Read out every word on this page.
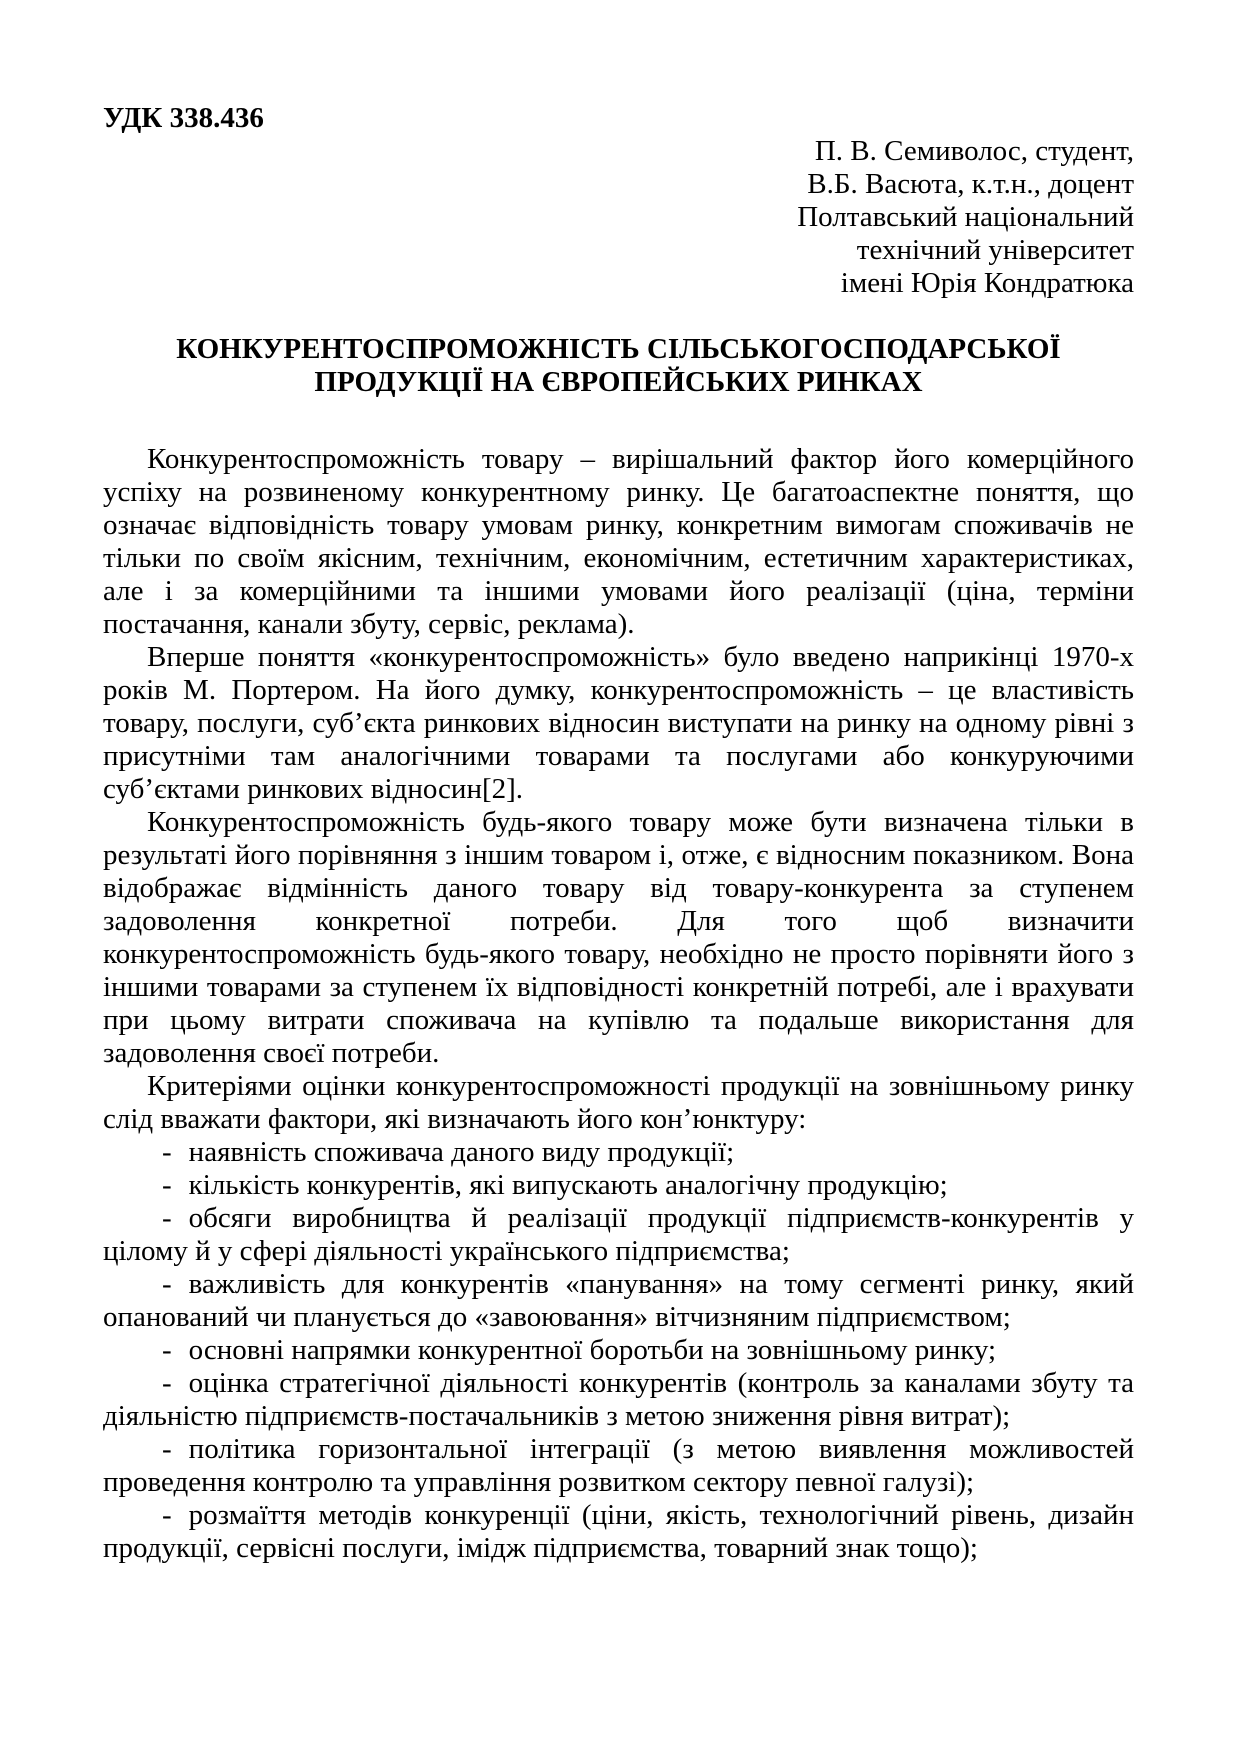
УДК 338.436
П. В. Семиволос, студент,
В.Б. Васюта, к.т.н., доцент
Полтавський національний
технічний університет
імені Юрія Кондратюка
КОНКУРЕНТОСПРОМОЖНІСТЬ СІЛЬСЬКОГОСПОДАРСЬКОЇ
ПРОДУКЦІЇ НА ЄВРОПЕЙСЬКИХ РИНКАХ

Конкурентоспроможність товару – вирішальний фактор його комерційного успіху на розвиненому конкурентному ринку. Це багатоаспектне поняття, що означає відповідність товару умовам ринку, конкретним вимогам споживачів не тільки по своїм якісним, технічним, економічним, естетичним характеристиках, але і за комерційними та іншими умовами його реалізації (ціна, терміни постачання, канали збуту, сервіс, реклама).

Вперше поняття «конкурентоспроможність» було введено наприкінці 1970-х років М. Портером. На його думку, конкурентоспроможність – це властивість товару, послуги, суб’єкта ринкових відносин виступати на ринку на одному рівні з присутніми там аналогічними товарами та послугами або конкуруючими суб’єктами ринкових відносин[2].

Конкурентоспроможність будь-якого товару може бути визначена тільки в результаті його порівняння з іншим товаром і, отже, є відносним показником. Вона відображає відмінність даного товару від товару-конкурента за ступенем задоволення конкретної потреби. Для того щоб визначити конкурентоспроможність будь-якого товару, необхідно не просто порівняти його з іншими товарами за ступенем їх відповідності конкретній потребі, але і врахувати при цьому витрати споживача на купівлю та подальше використання для задоволення своєї потреби.

Критеріями оцінки конкурентоспроможності продукції на зовнішньому ринку слід вважати фактори, які визначають його кон’юнктуру:

- наявність споживача даного виду продукції;

- кількість конкурентів, які випускають аналогічну продукцію;

- обсяги виробництва й реалізації продукції підприємств-конкурентів у цілому й у сфері діяльності українського підприємства;

- важливість для конкурентів «панування» на тому сегменті ринку, який опанований чи планується до «завоювання» вітчизняним підприємством;

- основні напрямки конкурентної боротьби на зовнішньому ринку;

- оцінка стратегічної діяльності конкурентів (контроль за каналами збуту та діяльністю підприємств-постачальників з метою зниження рівня витрат);

- політика горизонтальної інтеграції (з метою виявлення можливостей проведення контролю та управління розвитком сектору певної галузі);

- розмаїття методів конкуренції (ціни, якість, технологічний рівень, дизайн продукції, сервісні послуги, імідж підприємства, товарний знак тощо);
